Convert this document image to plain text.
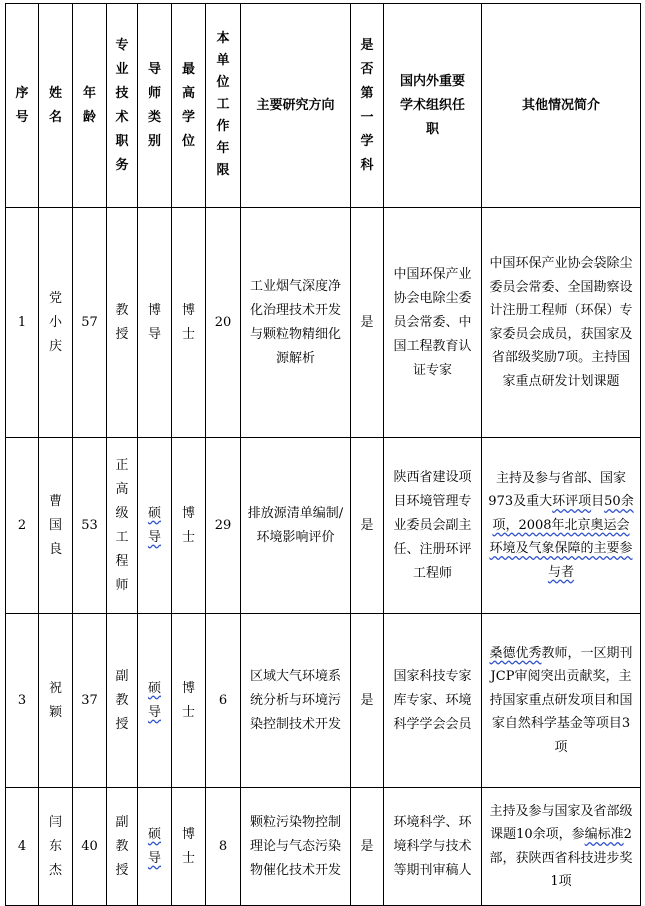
序号	姓名	年龄	专业技术职务	导师类别	最高学位	本单位工作年限	主要研究方向	是否第一学科	国内外重要学术组织任职	其他情况简介
1	党小庆	57	教授	博导	博士	20	工业烟气深度净化治理技术开发与颗粒物精细化源解析	是	中国环保产业协会电除尘委员会常委、中国工程教育认证专家	中国环保产业协会袋除尘委员会常委、全国勘察设计注册工程师（环保）专家委员会成员，获国家及省部级奖励7项。主持国家重点研发计划课题

2	曹国良	53	正高级工程师	硕导	博士	29	排放源清单编制/环境影响评价	是	陕西省建设项目环境管理专业委员会副主任、注册环评工程师	主持及参与省部、国家973及重大环评项目50余项，2008年北京奥运会环境及气象保障的主要参与者

3	祝颖	37	副教授	硕导	博士	6	区域大气环境系统分析与环境污染控制技术开发	是	国家科技专家库专家、环境科学学会会员	桑德优秀教师，一区期刊JCP审阅突出贡献奖，主持国家重点研发项目和国家自然科学基金等项目3项

4	闫东杰	40	副教授	硕导	博士	8	颗粒污染物控制理论与气态污染物催化技术开发	是	环境科学、环境科学与技术等期刊审稿人	主持及参与国家及省部级课题10余项，参编标准2部，获陕西省科技进步奖1项
